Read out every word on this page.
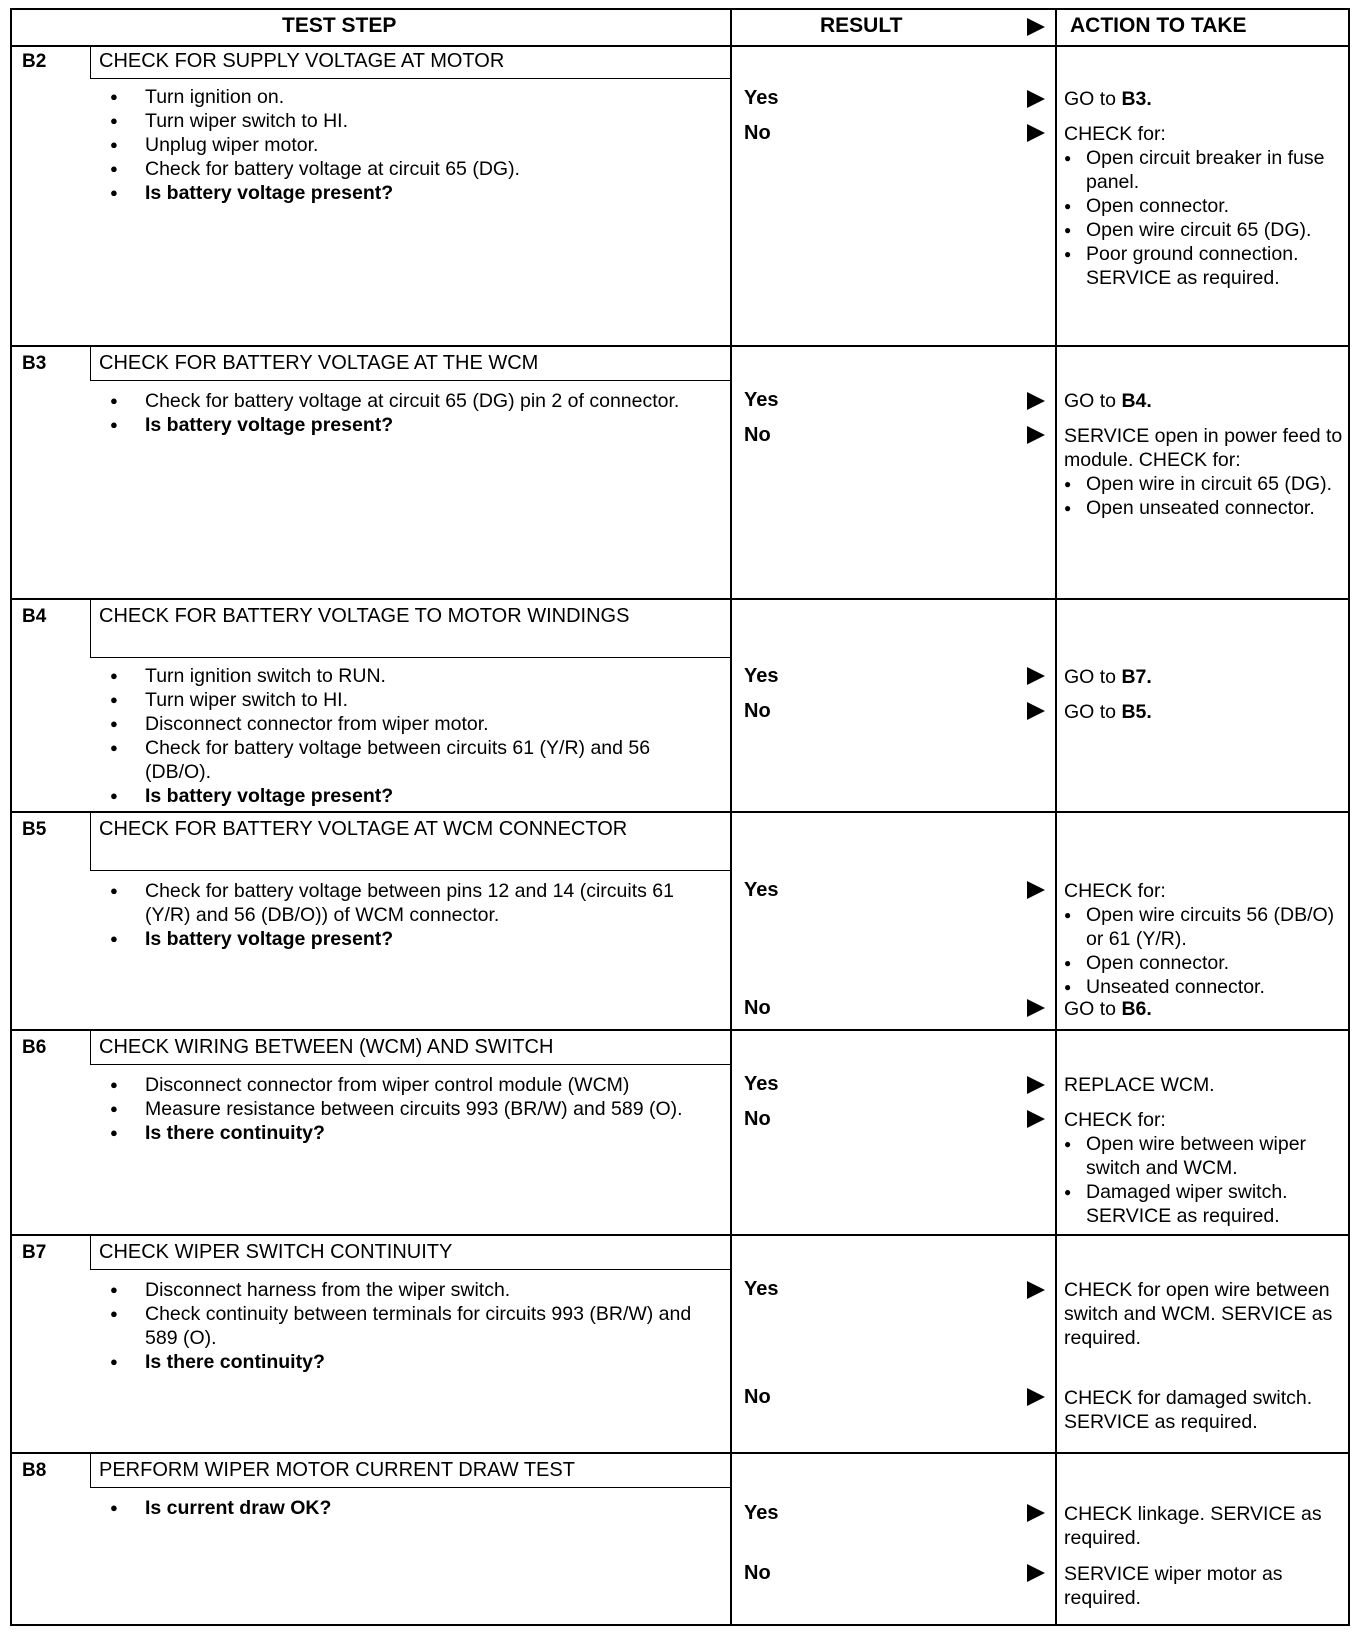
TEST STEP	RESULT	ACTION TO TAKE
B2	CHECK FOR SUPPLY VOLTAGE AT MOTOR
● Turn ignition on.
● Turn wiper switch to HI.
● Unplug wiper motor.
● Check for battery voltage at circuit 65 (DG).
● Is battery voltage present?
Yes	GO to B3.
No	CHECK for:
● Open circuit breaker in fuse panel.
● Open connector.
● Open wire circuit 65 (DG).
● Poor ground connection. SERVICE as required.
B3	CHECK FOR BATTERY VOLTAGE AT THE WCM
● Check for battery voltage at circuit 65 (DG) pin 2 of connector.
● Is battery voltage present?
Yes	GO to B4.
No	SERVICE open in power feed to module. CHECK for:
● Open wire in circuit 65 (DG).
● Open unseated connector.
B4	CHECK FOR BATTERY VOLTAGE TO MOTOR WINDINGS
● Turn ignition switch to RUN.
● Turn wiper switch to HI.
● Disconnect connector from wiper motor.
● Check for battery voltage between circuits 61 (Y/R) and 56 (DB/O).
● Is battery voltage present?
Yes	GO to B7.
No	GO to B5.
B5	CHECK FOR BATTERY VOLTAGE AT WCM CONNECTOR
● Check for battery voltage between pins 12 and 14 (circuits 61 (Y/R) and 56 (DB/O)) of WCM connector.
● Is battery voltage present?
Yes	CHECK for:
● Open wire circuits 56 (DB/O) or 61 (Y/R).
● Open connector.
● Unseated connector.
No	GO to B6.
B6	CHECK WIRING BETWEEN (WCM) AND SWITCH
● Disconnect connector from wiper control module (WCM)
● Measure resistance between circuits 993 (BR/W) and 589 (O).
● Is there continuity?
Yes	REPLACE WCM.
No	CHECK for:
● Open wire between wiper switch and WCM.
● Damaged wiper switch. SERVICE as required.
B7	CHECK WIPER SWITCH CONTINUITY
● Disconnect harness from the wiper switch.
● Check continuity between terminals for circuits 993 (BR/W) and 589 (O).
● Is there continuity?
Yes	CHECK for open wire between switch and WCM. SERVICE as required.
No	CHECK for damaged switch. SERVICE as required.
B8	PERFORM WIPER MOTOR CURRENT DRAW TEST
● Is current draw OK?	Yes	CHECK linkage. SERVICE as required.
No	SERVICE wiper motor as required.
